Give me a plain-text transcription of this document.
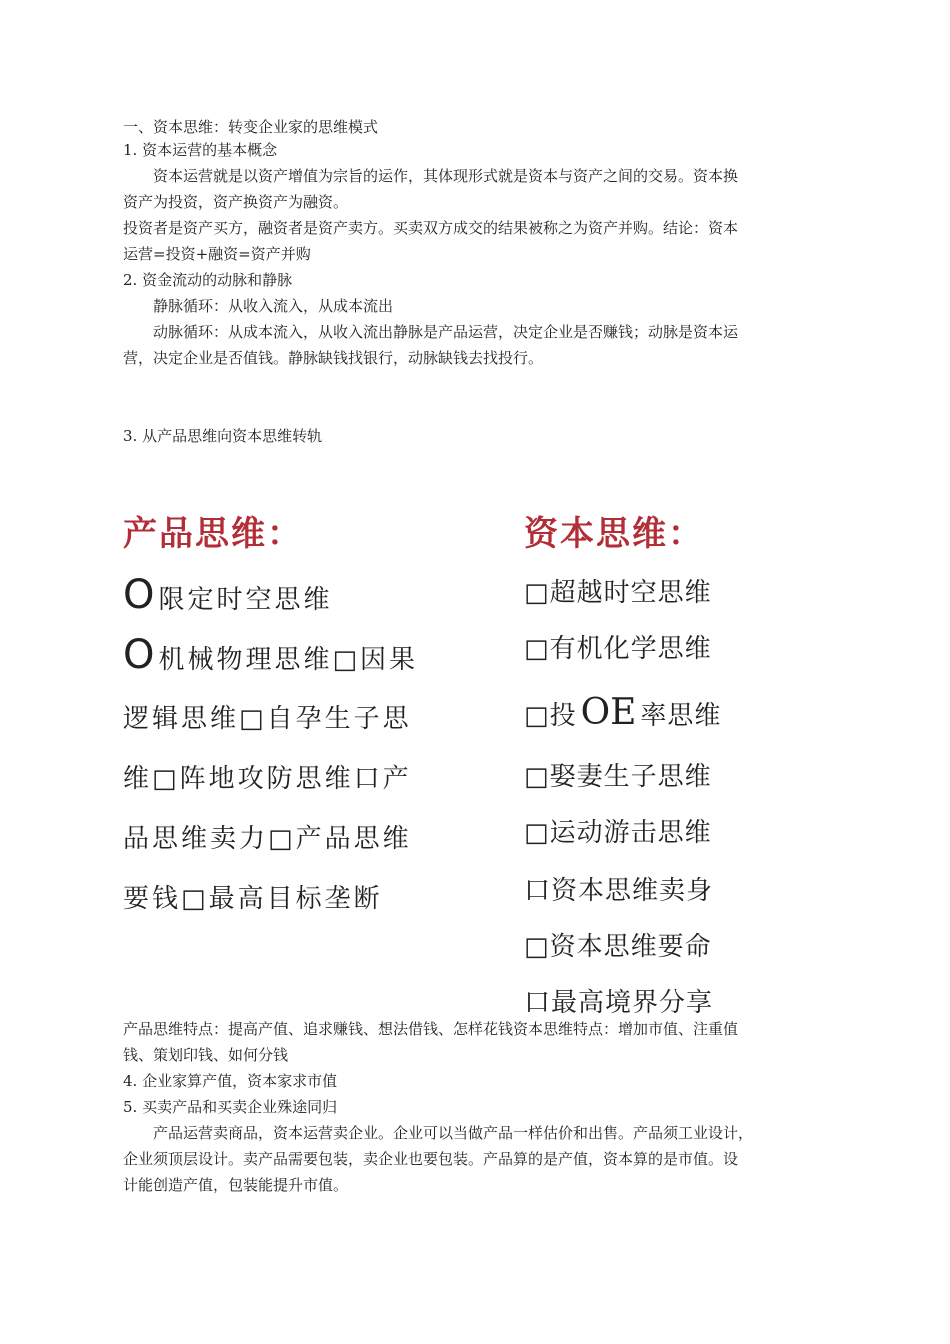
一、资本思维：转变企业家的思维模式

1. 资本运营的基本概念

资本运营就是以资产增值为宗旨的运作，其体现形式就是资本与资产之间的交易。资本换

资产为投资，资产换资产为融资。

投资者是资产买方，融资者是资产卖方。买卖双方成交的结果被称之为资产并购。结论：资本

运营=投资+融资=资产并购

2. 资金流动的动脉和静脉

静脉循环：从收入流入，从成本流出

动脉循环：从成本流入，从收入流出静脉是产品运营，决定企业是否赚钱；动脉是资本运

营，决定企业是否值钱。静脉缺钱找银行，动脉缺钱去找投行。

3. 从产品思维向资本思维转轨

产品思维：

O限定时空思维

O机械物理思维□因果

逻辑思维□自孕生子思

维□阵地攻防思维口产

品思维卖力□产品思维

要钱□最高目标垄断

资本思维：

□超越时空思维

□有机化学思维

□投 OE 率思维

□娶妻生子思维

□运动游击思维

口资本思维卖身

□资本思维要命

口最高境界分享

产品思维特点：提高产值、追求赚钱、想法借钱、怎样花钱资本思维特点：增加市值、注重值

钱、策划印钱、如何分钱

4. 企业家算产值，资本家求市值

5. 买卖产品和买卖企业殊途同归

产品运营卖商品，资本运营卖企业。企业可以当做产品一样估价和出售。产品须工业设计，

企业须顶层设计。卖产品需要包装，卖企业也要包装。产品算的是产值，资本算的是市值。设

计能创造产值，包装能提升市值。
